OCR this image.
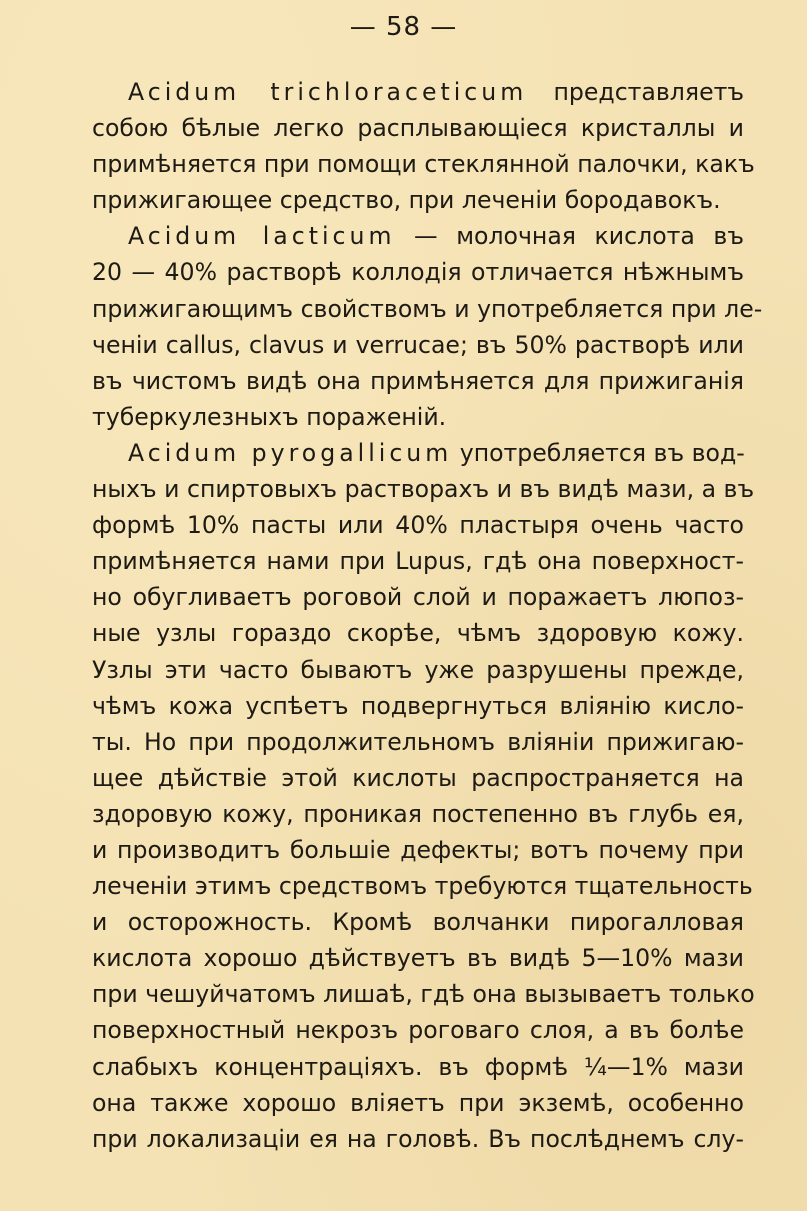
— 58 —
Acidum trichloraceticum представляетъ
собою бѣлые легко расплывающіеся кристаллы и
примѣняется при помощи стеклянной палочки, какъ
прижигающее средство, при леченіи бородавокъ.
Acidum lacticum — молочная кислота въ
20 — 40% растворѣ коллодія отличается нѣжнымъ
прижигающимъ свойствомъ и употребляется при ле-
ченіи callus, clavus и verrucae; въ 50% растворѣ или
въ чистомъ видѣ она примѣняется для прижиганія
туберкулезныхъ пораженій.
Acidum pyrogallicum употребляется въ вод-
ныхъ и спиртовыхъ растворахъ и въ видѣ мази, а въ
формѣ 10% пасты или 40% пластыря очень часто
примѣняется нами при Lupus, гдѣ она поверхност-
но обугливаетъ роговой слой и поражаетъ люпоз-
ные узлы гораздо скорѣе, чѣмъ здоровую кожу.
Узлы эти часто бываютъ уже разрушены прежде,
чѣмъ кожа успѣетъ подвергнуться вліянію кисло-
ты. Но при продолжительномъ вліяніи прижигаю-
щее дѣйствіе этой кислоты распространяется на
здоровую кожу, проникая постепенно въ глубь ея,
и производитъ большіе дефекты; вотъ почему при
леченіи этимъ средствомъ требуются тщательность
и осторожность. Кромѣ волчанки пирогалловая
кислота хорошо дѣйствуетъ въ видѣ 5—10% мази
при чешуйчатомъ лишаѣ, гдѣ она вызываетъ только
поверхностный некрозъ роговаго слоя, а въ болѣе
слабыхъ концентраціяхъ. въ формѣ ¼—1% мази
она также хорошо вліяетъ при экземѣ, особенно
при локализаціи ея на головѣ. Въ послѣднемъ слу-
